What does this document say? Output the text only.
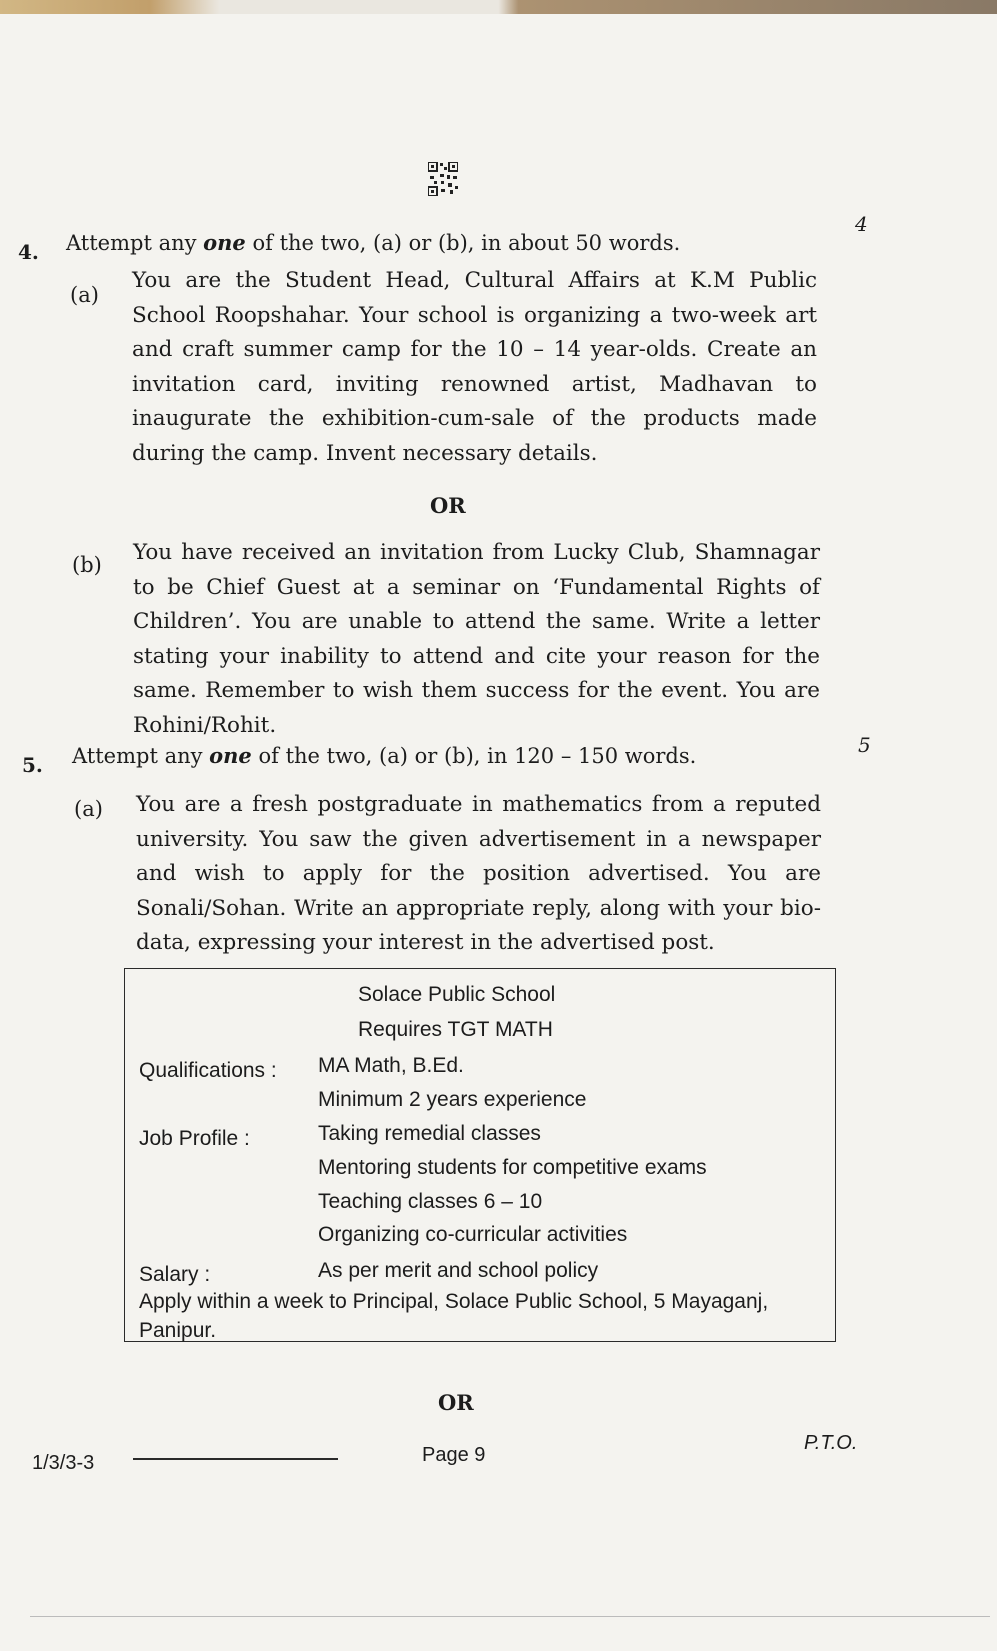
4. Attempt any one of the two, (a) or (b), in about 50 words.
4
(a)
You are the Student Head, Cultural Affairs at K.M Public School Roopshahar. Your school is organizing a two-week art and craft summer camp for the 10 – 14 year-olds. Create an invitation card, inviting renowned artist, Madhavan to inaugurate the exhibition-cum-sale of the products made during the camp. Invent necessary details.
OR
(b) You have received an invitation from Lucky Club, Shamnagar to be Chief Guest at a seminar on ‘Fundamental Rights of Children’. You are unable to attend the same. Write a letter stating your inability to attend and cite your reason for the same. Remember to wish them success for the event. You are Rohini/Rohit.
5. Attempt any one of the two, (a) or (b), in 120 – 150 words.	5
(a) You are a fresh postgraduate in mathematics from a reputed university. You saw the given advertisement in a newspaper and wish to apply for the position advertised. You are Sonali/Sohan. Write an appropriate reply, along with your bio-data, expressing your interest in the advertised post.
Solace Public School
Requires TGT MATH
Qualifications : MA Math, B.Ed.
Minimum 2 years experience
Job Profile :	Taking remedial classes
Mentoring students for competitive exams
Teaching classes 6 – 10
Organizing co-curricular activities
Salary :	As per merit and school policy
Apply within a week to Principal, Solace Public School, 5 Mayaganj,
Panipur.
OR
1/3/3-3	Page 9
P.T.O.
